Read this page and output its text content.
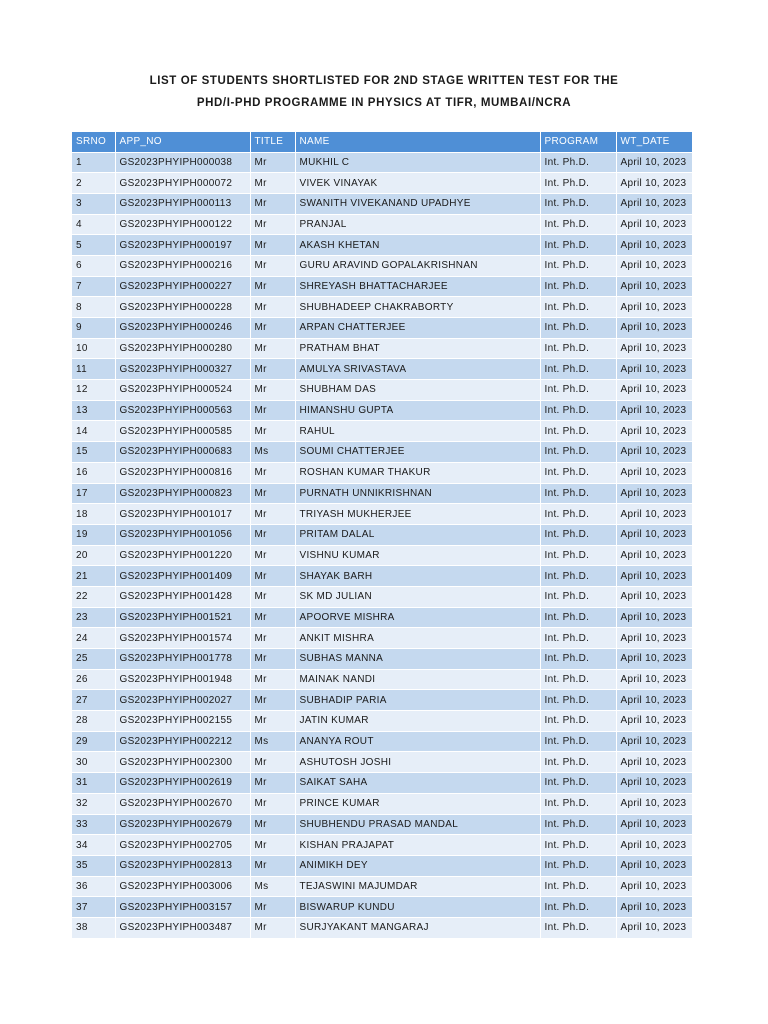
LIST OF STUDENTS SHORTLISTED FOR 2ND STAGE WRITTEN TEST FOR THE
PHD/I-PHD PROGRAMME IN PHYSICS AT TIFR, MUMBAI/NCRA
SRNO	APP_NO	TITLE	NAME	PROGRAM	WT_DATE
1	GS2023PHYIPH000038	Mr	MUKHIL C	Int. Ph.D.	April 10, 2023
2	GS2023PHYIPH000072	Mr	VIVEK VINAYAK	Int. Ph.D.	April 10, 2023
3	GS2023PHYIPH000113	Mr	SWANITH VIVEKANAND UPADHYE	Int. Ph.D.	April 10, 2023
4	GS2023PHYIPH000122	Mr	PRANJAL	Int. Ph.D.	April 10, 2023
5	GS2023PHYIPH000197	Mr	AKASH KHETAN	Int. Ph.D.	April 10, 2023
6	GS2023PHYIPH000216	Mr	GURU ARAVIND GOPALAKRISHNAN	Int. Ph.D.	April 10, 2023
7	GS2023PHYIPH000227	Mr	SHREYASH BHATTACHARJEE	Int. Ph.D.	April 10, 2023
8	GS2023PHYIPH000228	Mr	SHUBHADEEP CHAKRABORTY	Int. Ph.D.	April 10, 2023
9	GS2023PHYIPH000246	Mr	ARPAN CHATTERJEE	Int. Ph.D.	April 10, 2023
10	GS2023PHYIPH000280	Mr	PRATHAM BHAT	Int. Ph.D.	April 10, 2023
11	GS2023PHYIPH000327	Mr	AMULYA SRIVASTAVA	Int. Ph.D.	April 10, 2023
12	GS2023PHYIPH000524	Mr	SHUBHAM DAS	Int. Ph.D.	April 10, 2023
13	GS2023PHYIPH000563	Mr	HIMANSHU GUPTA	Int. Ph.D.	April 10, 2023
14	GS2023PHYIPH000585	Mr	RAHUL	Int. Ph.D.	April 10, 2023
15	GS2023PHYIPH000683	Ms	SOUMI CHATTERJEE	Int. Ph.D.	April 10, 2023
16	GS2023PHYIPH000816	Mr	ROSHAN KUMAR THAKUR	Int. Ph.D.	April 10, 2023
17	GS2023PHYIPH000823	Mr	PURNATH UNNIKRISHNAN	Int. Ph.D.	April 10, 2023
18	GS2023PHYIPH001017	Mr	TRIYASH MUKHERJEE	Int. Ph.D.	April 10, 2023
19	GS2023PHYIPH001056	Mr	PRITAM DALAL	Int. Ph.D.	April 10, 2023
20	GS2023PHYIPH001220	Mr	VISHNU KUMAR	Int. Ph.D.	April 10, 2023
21	GS2023PHYIPH001409	Mr	SHAYAK BARH	Int. Ph.D.	April 10, 2023
22	GS2023PHYIPH001428	Mr	SK MD JULIAN	Int. Ph.D.	April 10, 2023
23	GS2023PHYIPH001521	Mr	APOORVE MISHRA	Int. Ph.D.	April 10, 2023
24	GS2023PHYIPH001574	Mr	ANKIT MISHRA	Int. Ph.D.	April 10, 2023
25	GS2023PHYIPH001778	Mr	SUBHAS MANNA	Int. Ph.D.	April 10, 2023
26	GS2023PHYIPH001948	Mr	MAINAK NANDI	Int. Ph.D.	April 10, 2023
27	GS2023PHYIPH002027	Mr	SUBHADIP PARIA	Int. Ph.D.	April 10, 2023
28	GS2023PHYIPH002155	Mr	JATIN KUMAR	Int. Ph.D.	April 10, 2023
29	GS2023PHYIPH002212	Ms	ANANYA ROUT	Int. Ph.D.	April 10, 2023
30	GS2023PHYIPH002300	Mr	ASHUTOSH JOSHI	Int. Ph.D.	April 10, 2023
31	GS2023PHYIPH002619	Mr	SAIKAT SAHA	Int. Ph.D.	April 10, 2023
32	GS2023PHYIPH002670	Mr	PRINCE KUMAR	Int. Ph.D.	April 10, 2023
33	GS2023PHYIPH002679	Mr	SHUBHENDU PRASAD MANDAL	Int. Ph.D.	April 10, 2023
34	GS2023PHYIPH002705	Mr	KISHAN PRAJAPAT	Int. Ph.D.	April 10, 2023
35	GS2023PHYIPH002813	Mr	ANIMIKH DEY	Int. Ph.D.	April 10, 2023
36	GS2023PHYIPH003006	Ms	TEJASWINI MAJUMDAR	Int. Ph.D.	April 10, 2023
37	GS2023PHYIPH003157	Mr	BISWARUP KUNDU	Int. Ph.D.	April 10, 2023
38	GS2023PHYIPH003487	Mr	SURJYAKANT MANGARAJ	Int. Ph.D.	April 10, 2023
